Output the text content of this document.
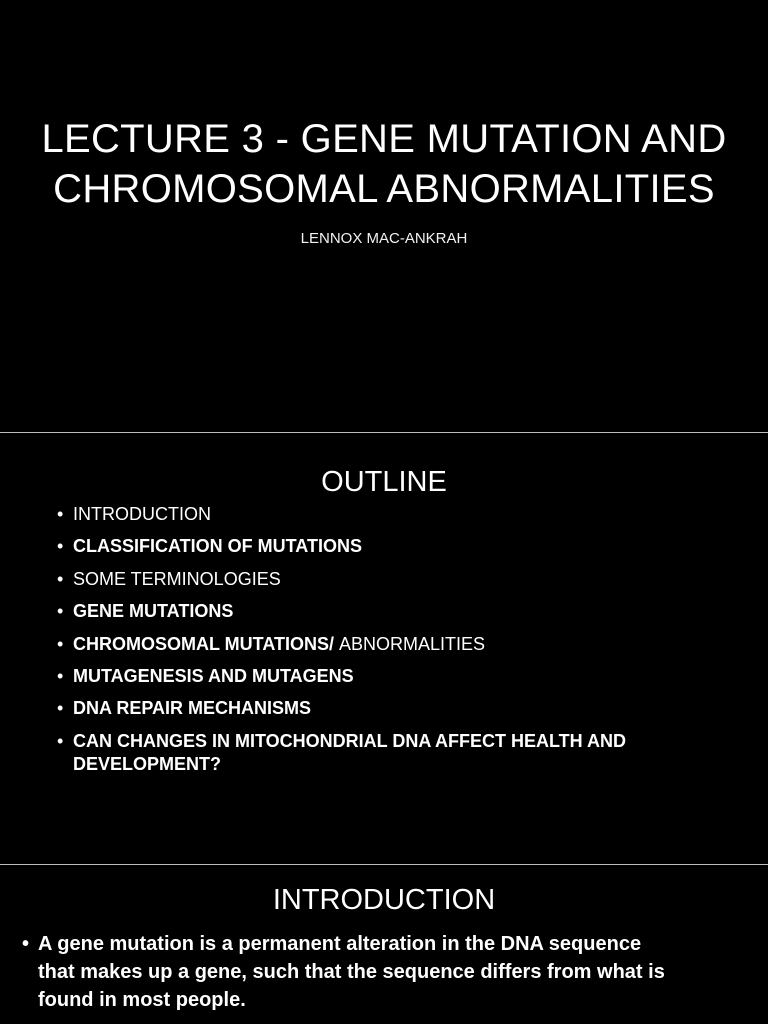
LECTURE 3 - GENE MUTATION AND
CHROMOSOMAL ABNORMALITIES
LENNOX MAC-ANKRAH
OUTLINE
• INTRODUCTION
• CLASSIFICATION OF MUTATIONS
• SOME TERMINOLOGIES
• GENE MUTATIONS
• CHROMOSOMAL MUTATIONS/ ABNORMALITIES
• MUTAGENESIS AND MUTAGENS
• DNA REPAIR MECHANISMS
• CAN CHANGES IN MITOCHONDRIAL DNA AFFECT HEALTH AND
DEVELOPMENT?
INTRODUCTION
• A gene mutation is a permanent alteration in the DNA sequence
that makes up a gene, such that the sequence differs from what is
found in most people.
